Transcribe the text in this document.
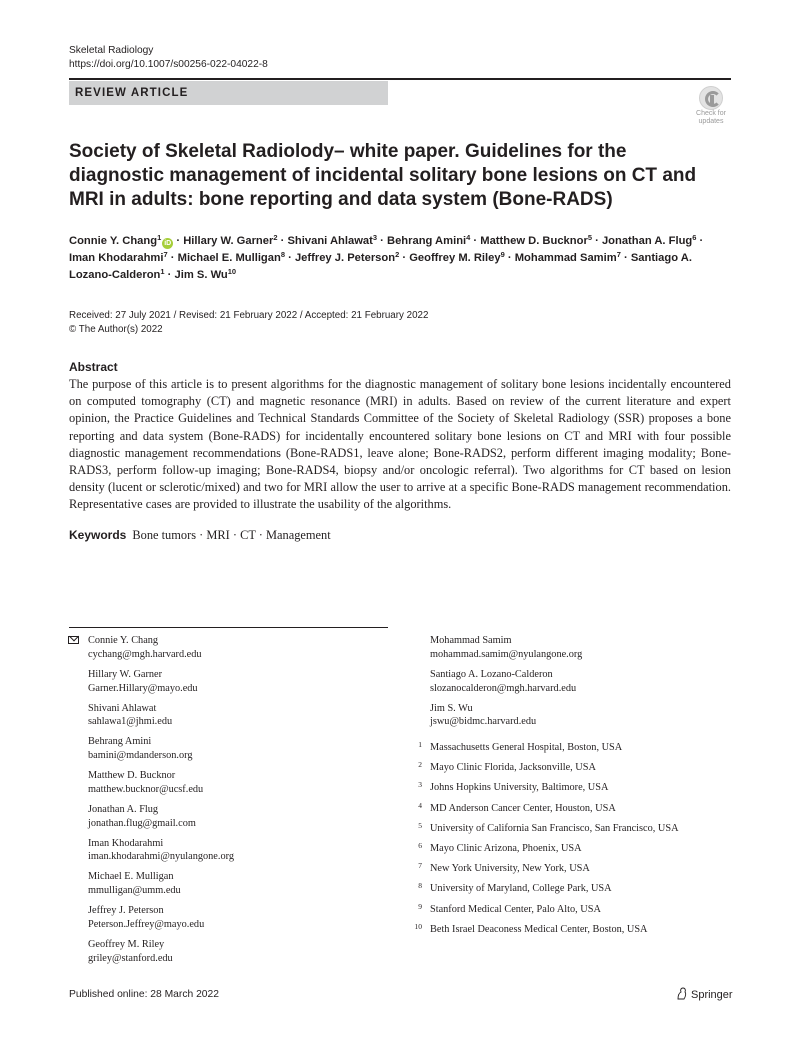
Skeletal Radiology
https://doi.org/10.1007/s00256-022-04022-8
REVIEW ARTICLE
Check for
updates
Society of Skeletal Radiolody– white paper. Guidelines for the diagnostic management of incidental solitary bone lesions on CT and MRI in adults: bone reporting and data system (Bone-RADS)
Connie Y. Chang$^1$iD · Hillary W. Garner$^2$ · Shivani Ahlawat$^3$ · Behrang Amini$^4$ · Matthew D. Bucknor$^5$ · Jonathan A. Flug$^6$ · Iman Khodarahmi$^7$ · Michael E. Mulligan$^8$ · Jeffrey J. Peterson$^2$ · Geoffrey M. Riley$^9$ · Mohammad Samim$^7$ · Santiago A. Lozano-Calderon$^1$ · Jim S. Wu$^{10}$
Received: 27 July 2021 / Revised: 21 February 2022 / Accepted: 21 February 2022
© The Author(s) 2022
Abstract

The purpose of this article is to present algorithms for the diagnostic management of solitary bone lesions incidentally encountered on computed tomography (CT) and magnetic resonance (MRI) in adults. Based on review of the current literature and expert opinion, the Practice Guidelines and Technical Standards Committee of the Society of Skeletal Radiology (SSR) proposes a bone reporting and data system (Bone-RADS) for incidentally encountered solitary bone lesions on CT and MRI with four possible diagnostic management recommendations (Bone-RADS1, leave alone; Bone-RADS2, perform different imaging modality; Bone-RADS3, perform follow-up imaging; Bone-RADS4, biopsy and/or oncologic referral). Two algorithms for CT based on lesion density (lucent or sclerotic/mixed) and two for MRI allow the user to arrive at a specific Bone-RADS management recommendation. Representative cases are provided to illustrate the usability of the algorithms.

Keywords Bone tumors · MRI · CT · Management
Connie Y. Chang
cychang@mgh.harvard.edu
Hillary W. Garner
Garner.Hillary@mayo.edu
Shivani Ahlawat
sahlawa1@jhmi.edu
Behrang Amini
bamini@mdanderson.org
Matthew D. Bucknor
matthew.bucknor@ucsf.edu
Jonathan A. Flug
jonathan.flug@gmail.com
Iman Khodarahmi
iman.khodarahmi@nyulangone.org
Michael E. Mulligan
mmulligan@umm.edu
Jeffrey J. Peterson
Peterson.Jeffrey@mayo.edu
Geoffrey M. Riley
griley@stanford.edu
Mohammad Samim
mohammad.samim@nyulangone.org
Santiago A. Lozano-Calderon
slozanocalderon@mgh.harvard.edu
Jim S. Wu
jswu@bidmc.harvard.edu
1 Massachusetts General Hospital, Boston, USA
2 Mayo Clinic Florida, Jacksonville, USA
3 Johns Hopkins University, Baltimore, USA
4 MD Anderson Cancer Center, Houston, USA
5 University of California San Francisco, San Francisco, USA
6 Mayo Clinic Arizona, Phoenix, USA
7 New York University, New York, USA
8 University of Maryland, College Park, USA
9 Stanford Medical Center, Palo Alto, USA
10 Beth Israel Deaconess Medical Center, Boston, USA
Published online: 28 March 2022	Springer
